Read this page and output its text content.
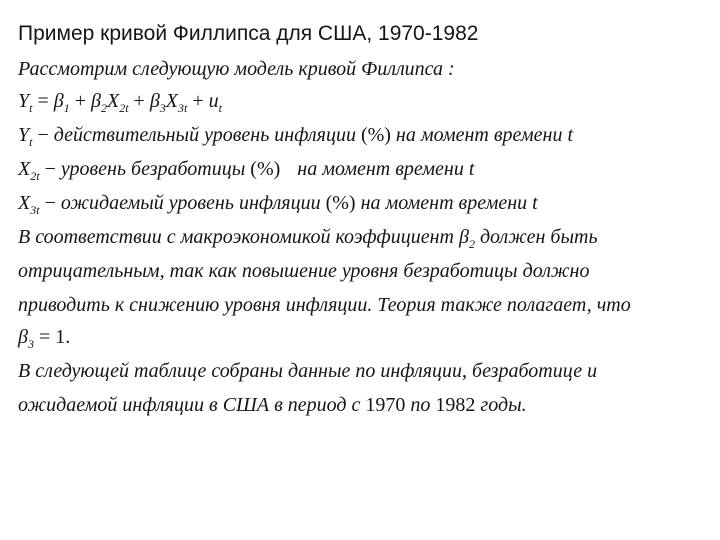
Пример кривой Филлипса для США, 1970-1982
Рассмотрим следующую модель кривой Филлипса :
$Y_t = \beta_1 + \beta_2X_{2t} + \beta_3X_{3t} + u_t$
$Y_t$ − действительный уровень инфляции (%) на момент времени t
$X_{2t}$ − уровень безработицы (%) на момент времени t
$X_{3t}$ − ожидаемый уровень инфляции (%) на момент времени t
В соответствии с макроэкономикой коэффициент $\beta_2$ должен быть
отрицательным, так как повышение уровня безработицы должно
приводить к снижению уровня инфляции. Теория также полагает, что
$\beta_3 = 1$.
В следующей таблице собраны данные по инфляции, безработице и
ожидаемой инфляции в США в период с 1970 по 1982 годы.
